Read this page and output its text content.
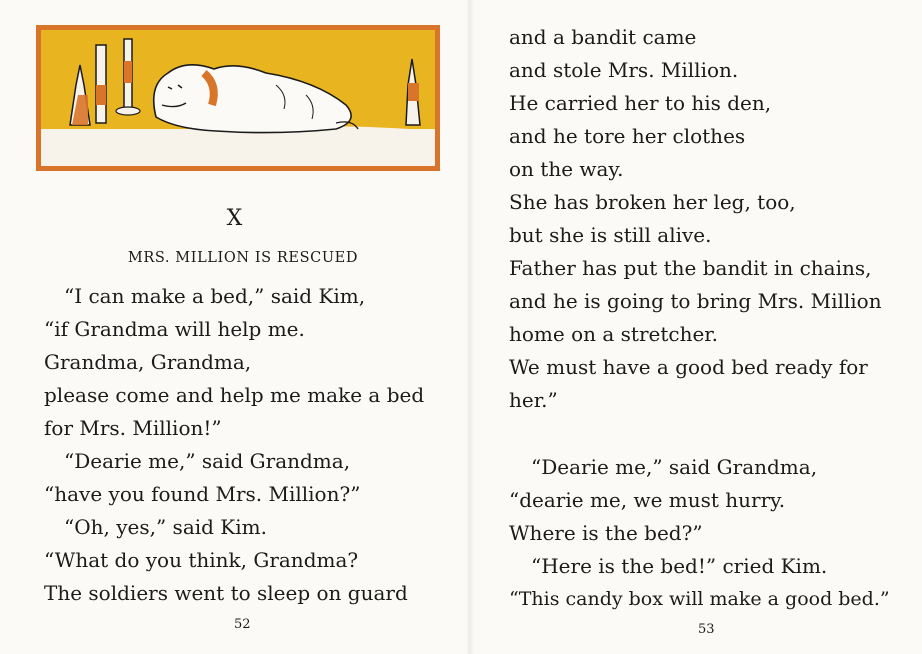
X
MRS. MILLION IS RESCUED
“I can make a bed,” said Kim,
“if Grandma will help me.
Grandma, Grandma,
please come and help me make a bed
for Mrs. Million!”
“Dearie me,” said Grandma,
“have you found Mrs. Million?”
“Oh, yes,” said Kim.
“What do you think, Grandma?
The soldiers went to sleep on guard
52
and a bandit came
and stole Mrs. Million.
He carried her to his den,
and he tore her clothes
on the way.
She has broken her leg, too,
but she is still alive.
Father has put the bandit in chains,
and he is going to bring Mrs. Million
home on a stretcher.
We must have a good bed ready for
her.”
“Dearie me,” said Grandma,
“dearie me, we must hurry.
Where is the bed?”
“Here is the bed!” cried Kim.
“This candy box will make a good bed.”
53
